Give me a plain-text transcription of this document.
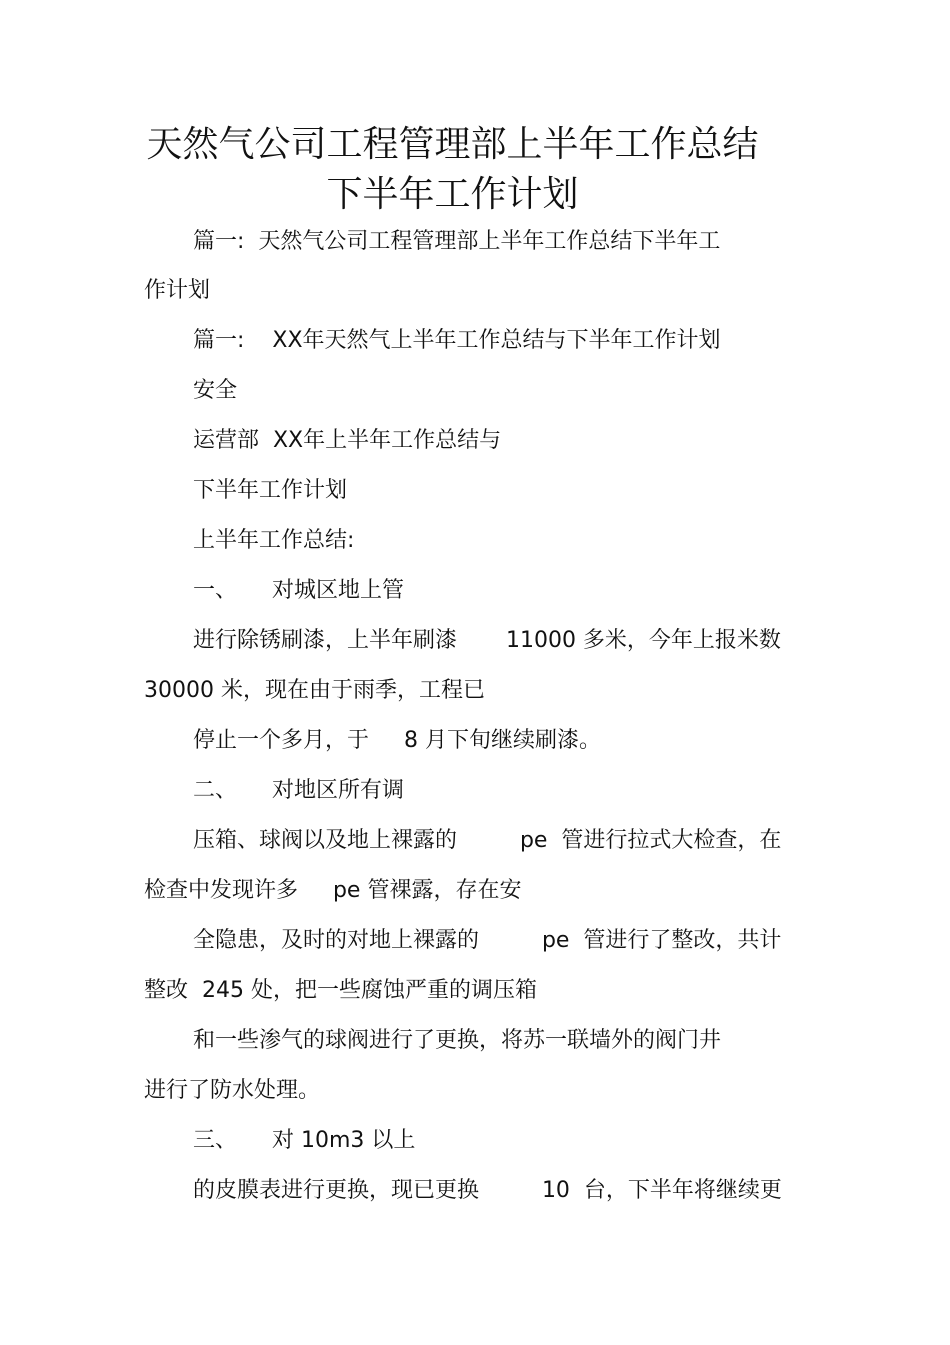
天然气公司工程管理部上半年工作总结
下半年工作计划
篇一:  天然气公司工程管理部上半年工作总结下半年工
作计划
篇一:    XX年天然气上半年工作总结与下半年工作计划
安全
运营部  XX年上半年工作总结与
下半年工作计划
上半年工作总结:
一、     对城区地上管
进行除锈刷漆，上半年刷漆       11000 多米，今年上报米数
30000 米，现在由于雨季，工程已
停止一个多月，于     8 月下旬继续刷漆。
二、     对地区所有调
压箱、球阀以及地上裸露的         pe  管进行拉式大检查，在
检查中发现许多     pe 管裸露，存在安
全隐患，及时的对地上裸露的         pe  管进行了整改，共计
整改  245 处，把一些腐蚀严重的调压箱
和一些渗气的球阀进行了更换，将苏一联墙外的阀门井
进行了防水处理。
三、     对 10m3 以上
的皮膜表进行更换，现已更换         10  台，下半年将继续更
